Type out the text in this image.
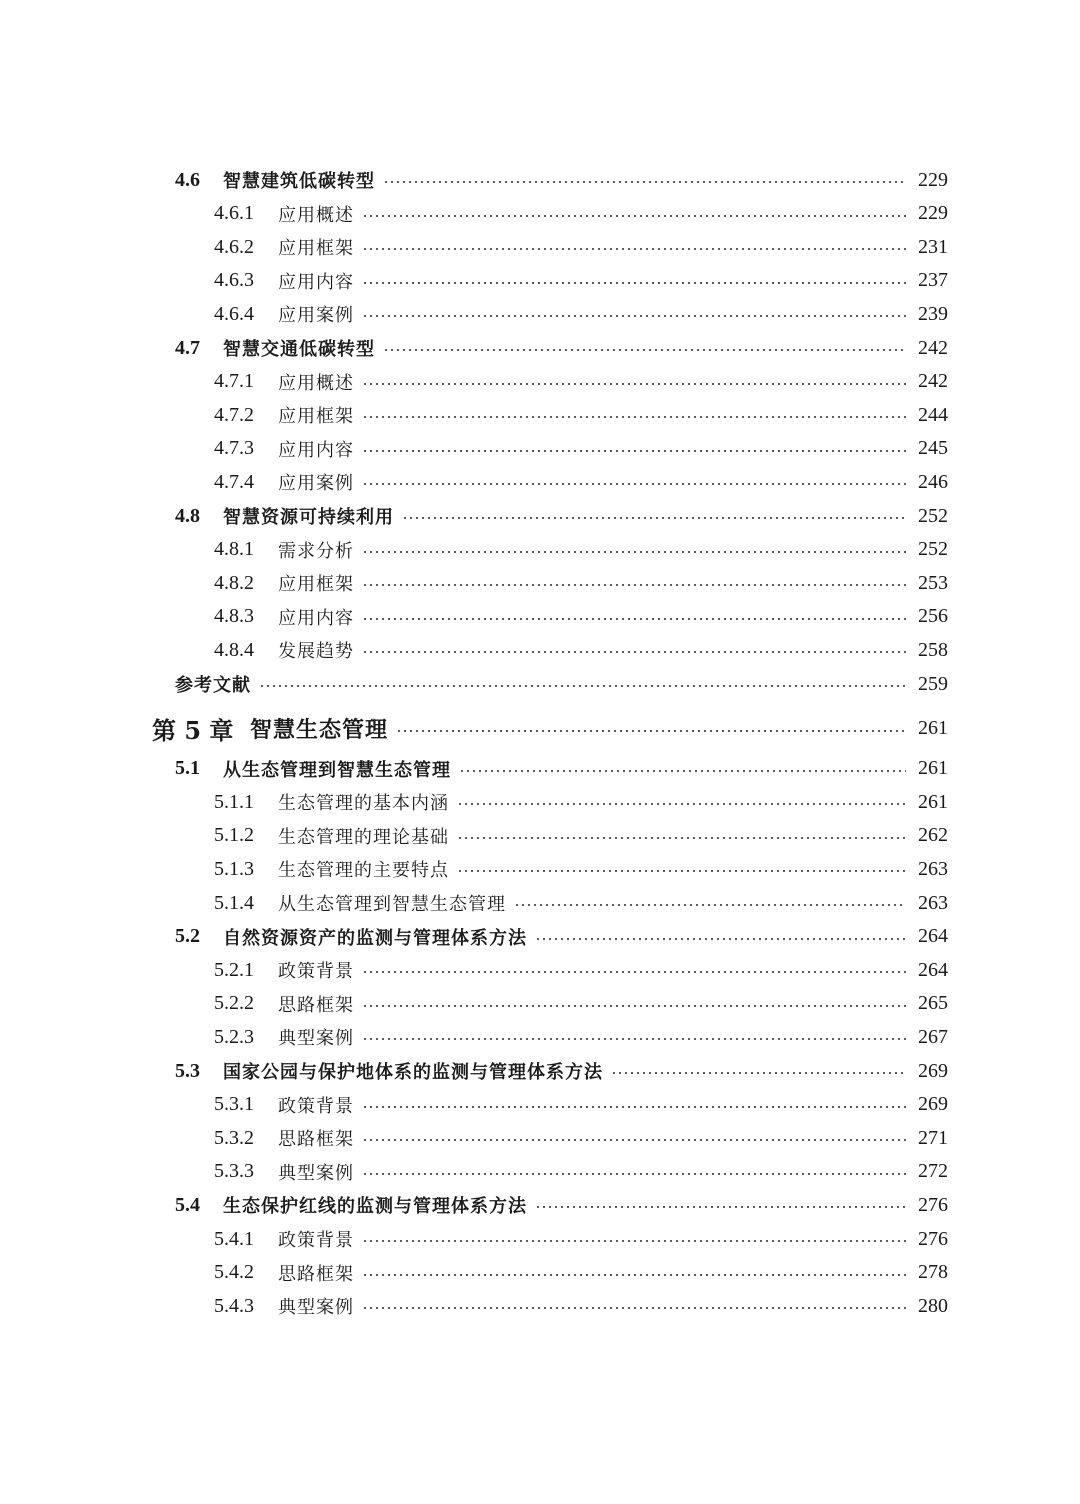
4.6	智慧建筑低碳转型	229
4.6.1	应用概述	229
4.6.2	应用框架	231
4.6.3	应用内容	237
4.6.4	应用案例	239
4.7	智慧交通低碳转型	242
4.7.1	应用概述	242
4.7.2	应用框架	244
4.7.3	应用内容	245
4.7.4	应用案例	246
4.8	智慧资源可持续利用	252
4.8.1	需求分析	252
4.8.2	应用框架	253
4.8.3	应用内容	256
4.8.4	发展趋势	258
参考文献	259
第 5 章 智慧生态管理	261
5.1	从生态管理到智慧生态管理	261
5.1.1	生态管理的基本内涵	261
5.1.2	生态管理的理论基础	262
5.1.3	生态管理的主要特点	263
5.1.4	从生态管理到智慧生态管理	263
5.2	自然资源资产的监测与管理体系方法	264
5.2.1	政策背景	264
5.2.2	思路框架	265
5.2.3	典型案例	267
5.3	国家公园与保护地体系的监测与管理体系方法	269
5.3.1	政策背景	269
5.3.2	思路框架	271
5.3.3	典型案例	272
5.4	生态保护红线的监测与管理体系方法	276
5.4.1	政策背景	276
5.4.2	思路框架	278
5.4.3	典型案例	280
